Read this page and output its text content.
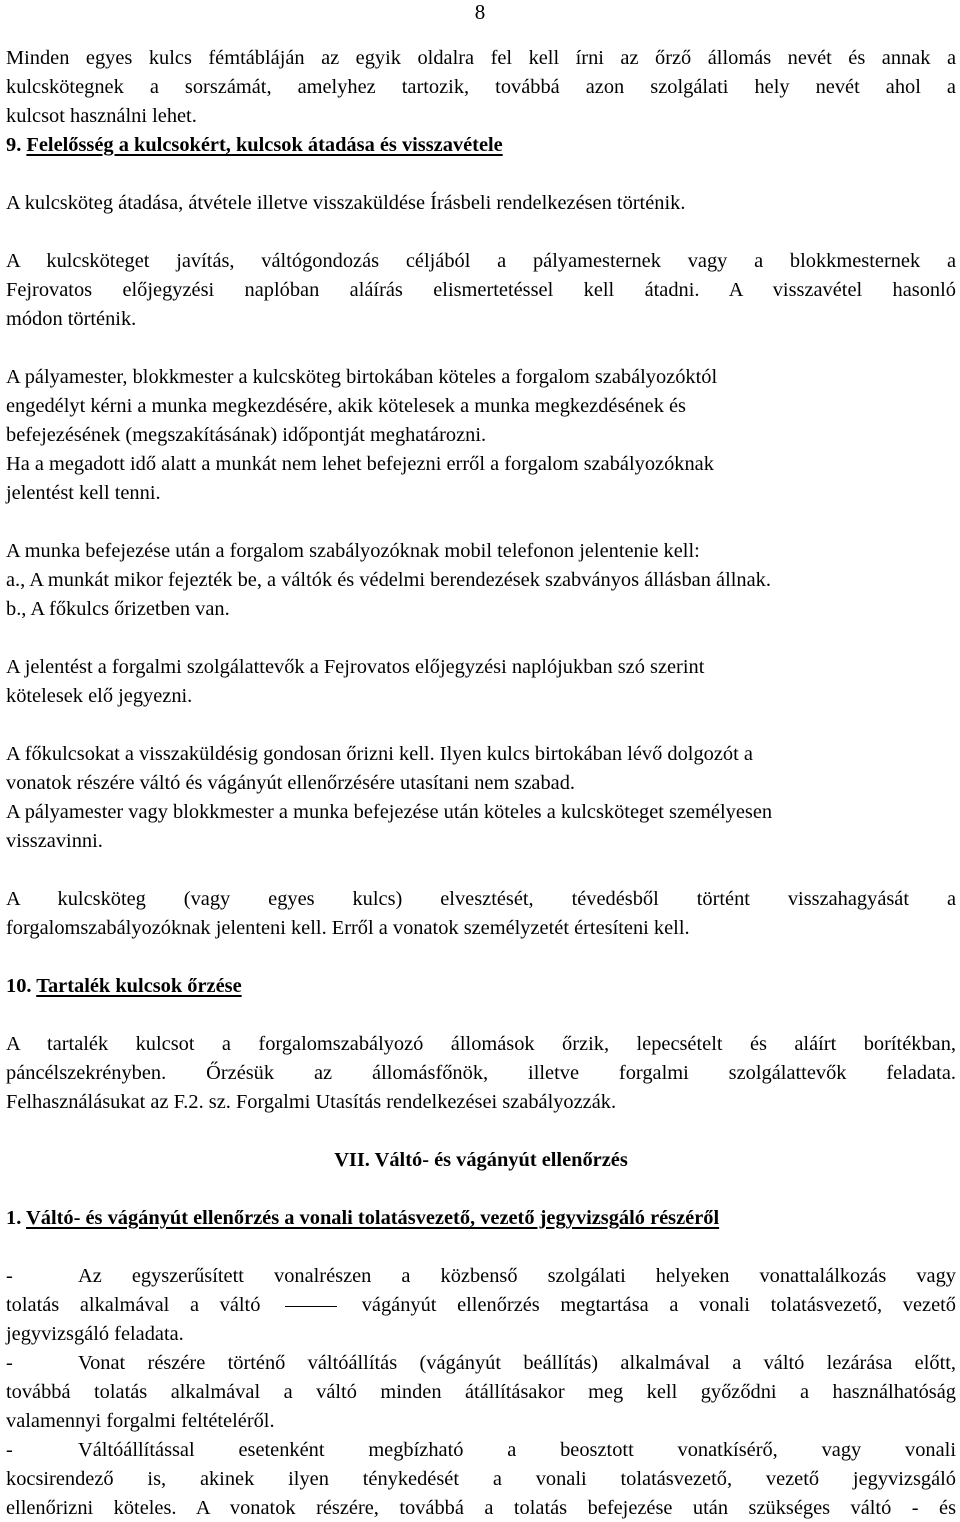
8
Minden egyes kulcs fémtábláján az egyik oldalra fel kell írni az őrző állomás nevét és annak a
kulcskötegnek a sorszámát, amelyhez tartozik, továbbá azon szolgálati hely nevét ahol a
kulcsot használni lehet.
9. Felelősség a kulcsokért, kulcsok átadása és visszavétele
A kulcsköteg átadása, átvétele illetve visszaküldése Írásbeli rendelkezésen történik.
A kulcsköteget javítás, váltógondozás céljából a pályamesternek vagy a blokkmesternek a
Fejrovatos előjegyzési naplóban aláírás elismertetéssel kell átadni. A visszavétel hasonló
módon történik.
A pályamester, blokkmester a kulcsköteg birtokában köteles a forgalom szabályozóktól
engedélyt kérni a munka megkezdésére, akik kötelesek a munka megkezdésének és
befejezésének (megszakításának) időpontját meghatározni.
Ha a megadott idő alatt a munkát nem lehet befejezni erről a forgalom szabályozóknak
jelentést kell tenni.
A munka befejezése után a forgalom szabályozóknak mobil telefonon jelentenie kell:
a., A munkát mikor fejezték be, a váltók és védelmi berendezések szabványos állásban állnak.
b., A főkulcs őrizetben van.
A jelentést a forgalmi szolgálattevők a Fejrovatos előjegyzési naplójukban szó szerint
kötelesek elő jegyezni.
A főkulcsokat a visszaküldésig gondosan őrizni kell. Ilyen kulcs birtokában lévő dolgozót a
vonatok részére váltó és vágányút ellenőrzésére utasítani nem szabad.
A pályamester vagy blokkmester a munka befejezése után köteles a kulcsköteget személyesen
visszavinni.
A kulcsköteg (vagy egyes kulcs) elvesztését, tévedésből történt visszahagyását a
forgalomszabályozóknak jelenteni kell. Erről a vonatok személyzetét értesíteni kell.
10. Tartalék kulcsok őrzése
A tartalék kulcsot a forgalomszabályozó állomások őrzik, lepecsételt és aláírt borítékban,
páncélszekrényben. Őrzésük az állomásfőnök, illetve forgalmi szolgálattevők feladata.
Felhasználásukat az F.2. sz. Forgalmi Utasítás rendelkezései szabályozzák.
VII. Váltó- és vágányút ellenőrzés
1. Váltó- és vágányút ellenőrzés a vonali tolatásvezető, vezető jegyvizsgáló részéről
-	Az egyszerűsített vonalrészen a közbenső szolgálati helyeken vonattalálkozás vagy
tolatás alkalmával a váltó	vágányút ellenőrzés megtartása a vonali tolatásvezető, vezető
jegyvizsgáló feladata.
-	Vonat részére történő váltóállítás (vágányút beállítás) alkalmával a váltó lezárása előtt,
továbbá tolatás alkalmával a váltó minden átállításakor meg kell győződni a használhatóság
valamennyi forgalmi feltételéről.
-	Váltóállítással esetenként megbízható a beosztott vonatkísérő, vagy vonali
kocsirendező is, akinek ilyen ténykedését a vonali tolatásvezető, vezető jegyvizsgáló
ellenőrizni köteles. A vonatok részére, továbbá a tolatás befejezése után szükséges váltó - és
